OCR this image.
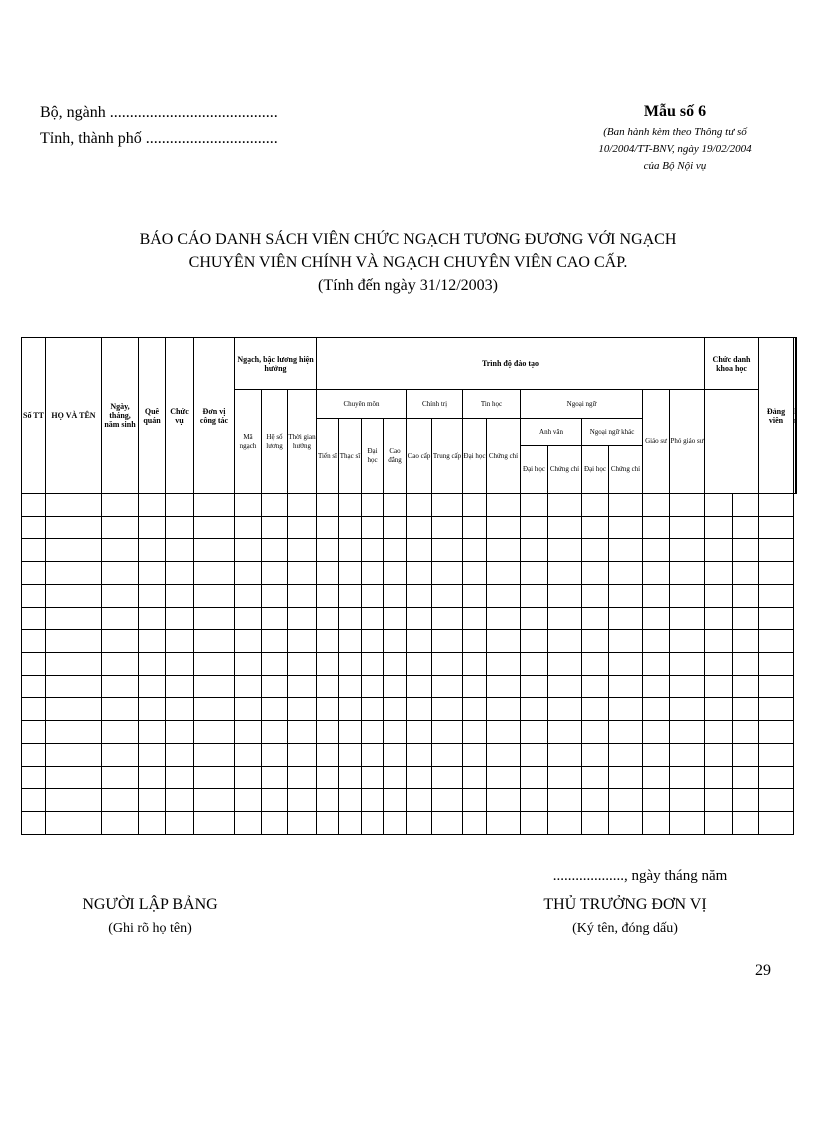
Bộ, ngành ..........................................
Tỉnh, thành phố .................................
Mẫu số 6
(Ban hành kèm theo Thông tư số
10/2004/TT-BNV, ngày 19/02/2004
của Bộ Nội vụ
BÁO CÁO DANH SÁCH VIÊN CHỨC NGẠCH TƯƠNG ĐƯƠNG VỚI NGẠCH
CHUYÊN VIÊN CHÍNH VÀ NGẠCH CHUYÊN VIÊN CAO CẤP.
(Tính đến ngày 31/12/2003)
Số TT	HỌ VÀ TÊN	Ngày, tháng, năm sinh	Quê quán	Chức vụ	Đơn vị công tác	Ngạch, bậc lương hiện hưởng			Trình độ đào tạo														Chức danh khoa học		Đảng viên		
						Mã ngạch	Hệ số lương	Thời gian hưởng	Chuyên môn				Chính trị		Tin học		Ngoại ngữ				Giáo sư	Phó giáo sư					
									Tiến sĩ	Thạc sĩ	Đại học	Cao đẳng	Cao cấp	Trung cấp	Đại học	Chứng chỉ	Anh văn		Ngoại ngữ khác								
																	Đại học	Chứng chỉ	Đại học	Chứng chỉ							

..................., ngày tháng năm
NGƯỜI LẬP BẢNG
(Ghi rõ họ tên)
THỦ TRƯỞNG ĐƠN VỊ
(Ký tên, đóng dấu)
29
